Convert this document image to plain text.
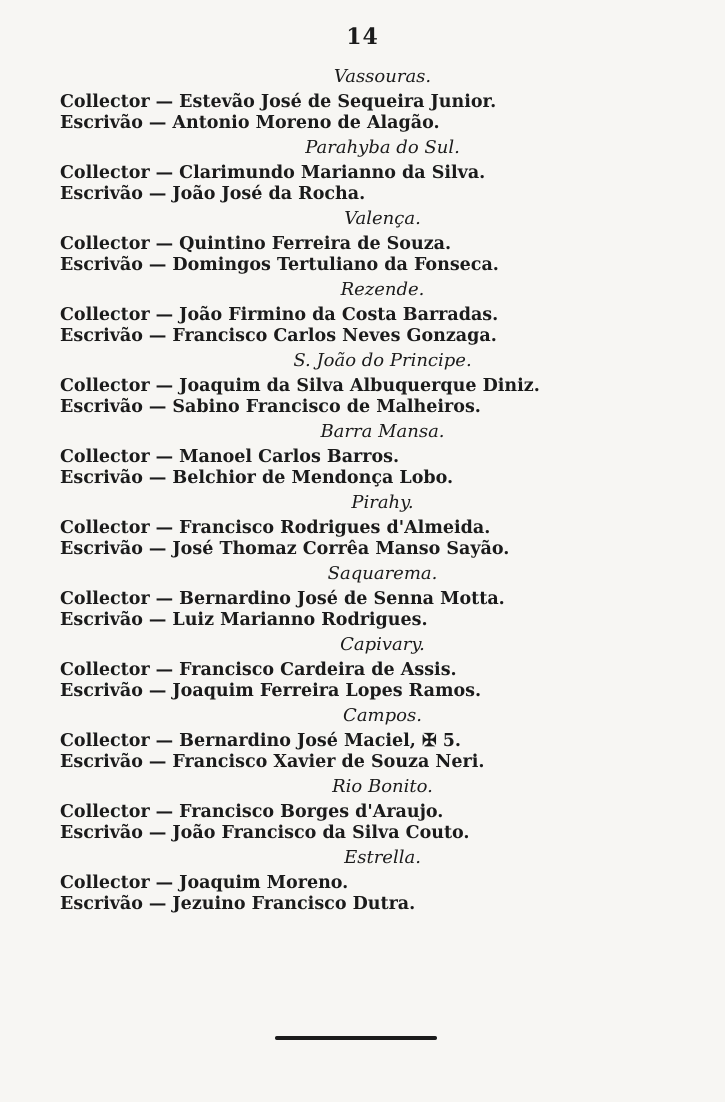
14
Vassouras.
Collector — Estevão José de Sequeira Junior.
Escrivão — Antonio Moreno de Alagão.
Parahyba do Sul.
Collector — Clarimundo Marianno da Silva.
Escrivão — João José da Rocha.
Valença.
Collector — Quintino Ferreira de Souza.
Escrivão — Domingos Tertuliano da Fonseca.
Rezende.
Collector — João Firmino da Costa Barradas.
Escrivão — Francisco Carlos Neves Gonzaga.
S. João do Principe.
Collector — Joaquim da Silva Albuquerque Diniz.
Escrivão — Sabino Francisco de Malheiros.
Barra Mansa.
Collector — Manoel Carlos Barros.
Escrivão — Belchior de Mendonça Lobo.
Pirahy.
Collector — Francisco Rodrigues d'Almeida.
Escrivão — José Thomaz Corrêa Manso Sayão.
Saquarema.
Collector — Bernardino José de Senna Motta.
Escrivão — Luiz Marianno Rodrigues.
Capivary.
Collector — Francisco Cardeira de Assis.
Escrivão — Joaquim Ferreira Lopes Ramos.
Campos.
Collector — Bernardino José Maciel, ✠ 5.
Escrivão — Francisco Xavier de Souza Neri.
Rio Bonito.
Collector — Francisco Borges d'Araujo.
Escrivão — João Francisco da Silva Couto.
Estrella.
Collector — Joaquim Moreno.
Escrivão — Jezuino Francisco Dutra.
